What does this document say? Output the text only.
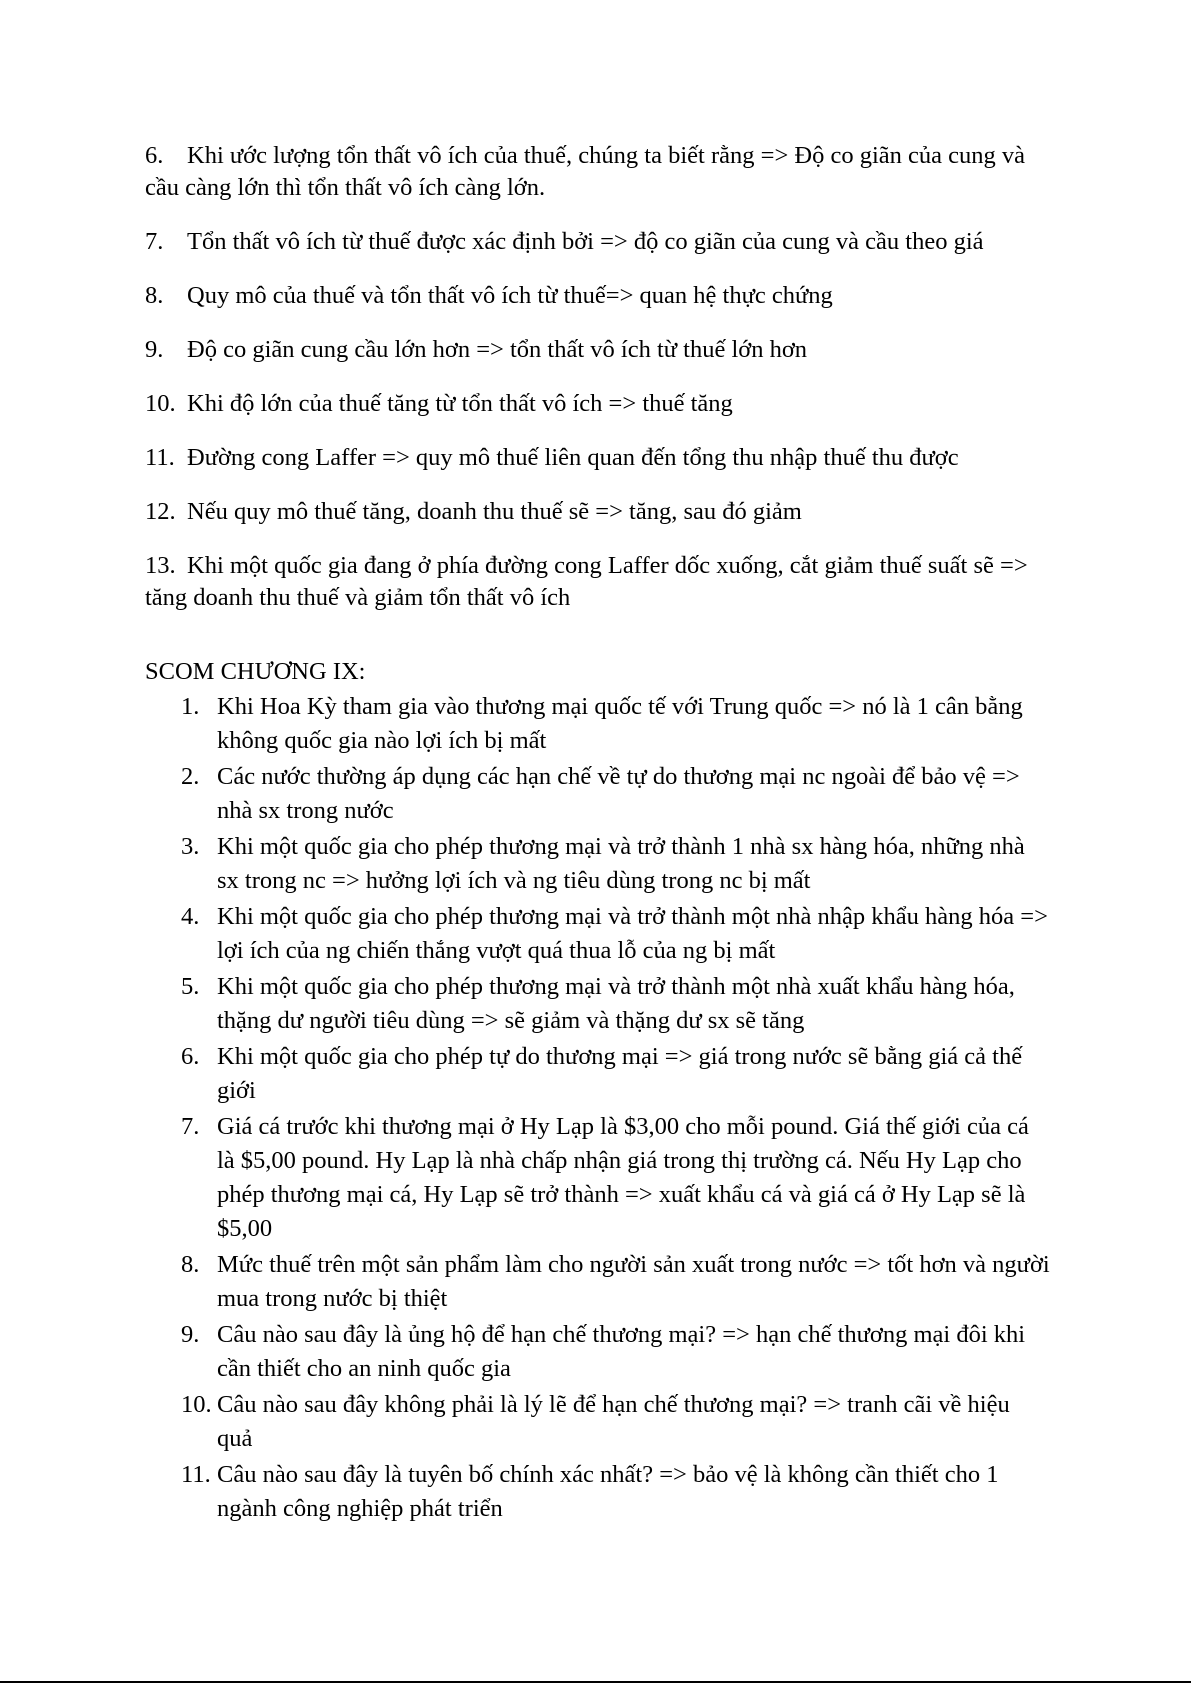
6. Khi ước lượng tổn thất vô ích của thuế, chúng ta biết rằng => Độ co giãn của cung và cầu càng lớn thì tổn thất vô ích càng lớn.
7. Tổn thất vô ích từ thuế được xác định bởi => độ co giãn của cung và cầu theo giá
8. Quy mô của thuế và tổn thất vô ích từ thuế=> quan hệ thực chứng
9. Độ co giãn cung cầu lớn hơn => tổn thất vô ích từ thuế lớn hơn
10. Khi độ lớn của thuế tăng từ tổn thất vô ích => thuế tăng
11. Đường cong Laffer => quy mô thuế liên quan đến tổng thu nhập thuế thu được
12. Nếu quy mô thuế tăng, doanh thu thuế sẽ => tăng, sau đó giảm
13. Khi một quốc gia đang ở phía đường cong Laffer dốc xuống, cắt giảm thuế suất sẽ => tăng doanh thu thuế và giảm tổn thất vô ích
SCOM CHƯƠNG IX:
1. Khi Hoa Kỳ tham gia vào thương mại quốc tế với Trung quốc => nó là 1 cân bằng không quốc gia nào lợi ích bị mất
2. Các nước thường áp dụng các hạn chế về tự do thương mại nc ngoài để bảo vệ => nhà sx trong nước
3. Khi một quốc gia cho phép thương mại và trở thành 1 nhà sx hàng hóa, những nhà sx trong nc => hưởng lợi ích và ng tiêu dùng trong nc bị mất
4. Khi một quốc gia cho phép thương mại và trở thành một nhà nhập khẩu hàng hóa => lợi ích của ng chiến thắng vượt quá thua lỗ của ng bị mất
5. Khi một quốc gia cho phép thương mại và trở thành một nhà xuất khẩu hàng hóa, thặng dư người tiêu dùng => sẽ giảm và thặng dư sx sẽ tăng
6. Khi một quốc gia cho phép tự do thương mại => giá trong nước sẽ bằng giá cả thế giới
7. Giá cá trước khi thương mại ở Hy Lạp là $3,00 cho mỗi pound. Giá thế giới của cá là $5,00 pound. Hy Lạp là nhà chấp nhận giá trong thị trường cá. Nếu Hy Lạp cho phép thương mại cá, Hy Lạp sẽ trở thành => xuất khẩu cá và giá cá ở Hy Lạp sẽ là $5,00
8. Mức thuế trên một sản phẩm làm cho người sản xuất trong nước => tốt hơn và người mua trong nước bị thiệt
9. Câu nào sau đây là ủng hộ để hạn chế thương mại? => hạn chế thương mại đôi khi cần thiết cho an ninh quốc gia
10. Câu nào sau đây không phải là lý lẽ để hạn chế thương mại? => tranh cãi về hiệu quả
11. Câu nào sau đây là tuyên bố chính xác nhất? => bảo vệ là không cần thiết cho 1 ngành công nghiệp phát triển
